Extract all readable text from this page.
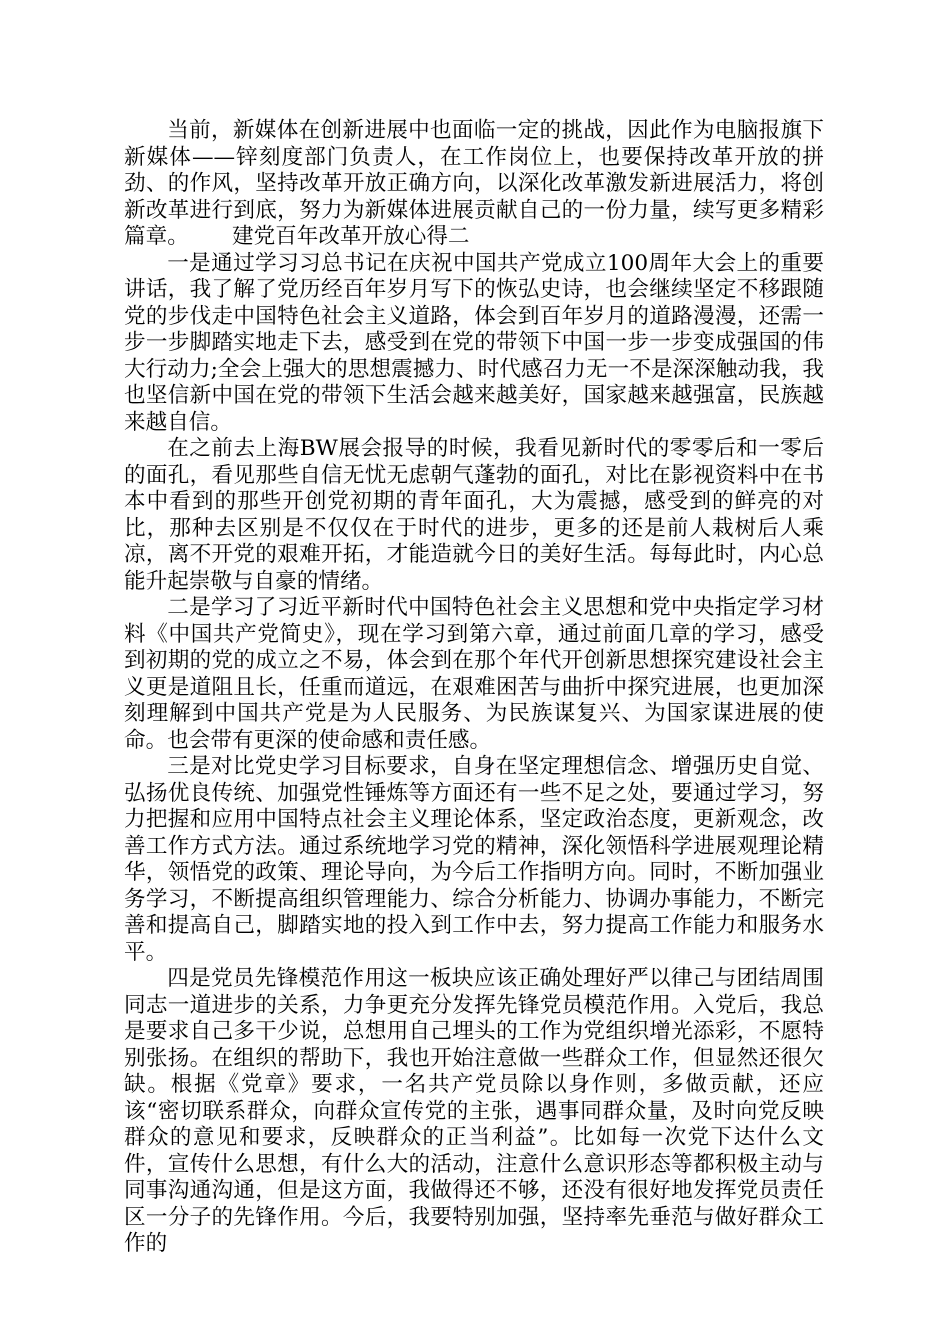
当前，新媒体在创新进展中也面临一定的挑战，因此作为电脑报旗下新媒体——锌刻度部门负责人，在工作岗位上，也要保持改革开放的拼劲、的作风，坚持改革开放正确方向，以深化改革激发新进展活力，将创新改革进行到底，努力为新媒体进展贡献自己的一份力量，续写更多精彩篇章。 建党百年改革开放心得二

一是通过学习习总书记在庆祝中国共产党成立100周年大会上的重要讲话，我了解了党历经百年岁月写下的恢弘史诗，也会继续坚定不移跟随党的步伐走中国特色社会主义道路，体会到百年岁月的道路漫漫，还需一步一步脚踏实地走下去，感受到在党的带领下中国一步一步变成强国的伟大行动力;全会上强大的思想震撼力、时代感召力无一不是深深触动我，我也坚信新中国在党的带领下生活会越来越美好，国家越来越强富，民族越来越自信。

在之前去上海BW展会报导的时候，我看见新时代的零零后和一零后的面孔，看见那些自信无忧无虑朝气蓬勃的面孔，对比在影视资料中在书本中看到的那些开创党初期的青年面孔，大为震撼，感受到的鲜亮的对比，那种去区别是不仅仅在于时代的进步，更多的还是前人栽树后人乘凉，离不开党的艰难开拓，才能造就今日的美好生活。每每此时，内心总能升起崇敬与自豪的情绪。

二是学习了习近平新时代中国特色社会主义思想和党中央指定学习材料《中国共产党简史》，现在学习到第六章，通过前面几章的学习，感受到初期的党的成立之不易，体会到在那个年代开创新思想探究建设社会主义更是道阻且长，任重而道远，在艰难困苦与曲折中探究进展，也更加深刻理解到中国共产党是为人民服务、为民族谋复兴、为国家谋进展的使命。也会带有更深的使命感和责任感。

三是对比党史学习目标要求，自身在坚定理想信念、增强历史自觉、弘扬优良传统、加强党性锤炼等方面还有一些不足之处，要通过学习，努力把握和应用中国特点社会主义理论体系，坚定政治态度，更新观念，改善工作方式方法。通过系统地学习党的精神，深化领悟科学进展观理论精华，领悟党的政策、理论导向，为今后工作指明方向。同时，不断加强业务学习，不断提高组织管理能力、综合分析能力、协调办事能力，不断完善和提高自己，脚踏实地的投入到工作中去，努力提高工作能力和服务水平。

四是党员先锋模范作用这一板块应该正确处理好严以律己与团结周围同志一道进步的关系，力争更充分发挥先锋党员模范作用。入党后，我总是要求自己多干少说，总想用自己埋头的工作为党组织增光添彩，不愿特别张扬。在组织的帮助下，我也开始注意做一些群众工作，但显然还很欠缺。根据《党章》要求，一名共产党员除以身作则，多做贡献，还应该“密切联系群众，向群众宣传党的主张，遇事同群众量，及时向党反映群众的意见和要求，反映群众的正当利益”。比如每一次党下达什么文件，宣传什么思想，有什么大的活动，注意什么意识形态等都积极主动与同事沟通沟通，但是这方面，我做得还不够，还没有很好地发挥党员责任区一分子的先锋作用。今后，我要特别加强，坚持率先垂范与做好群众工作的
